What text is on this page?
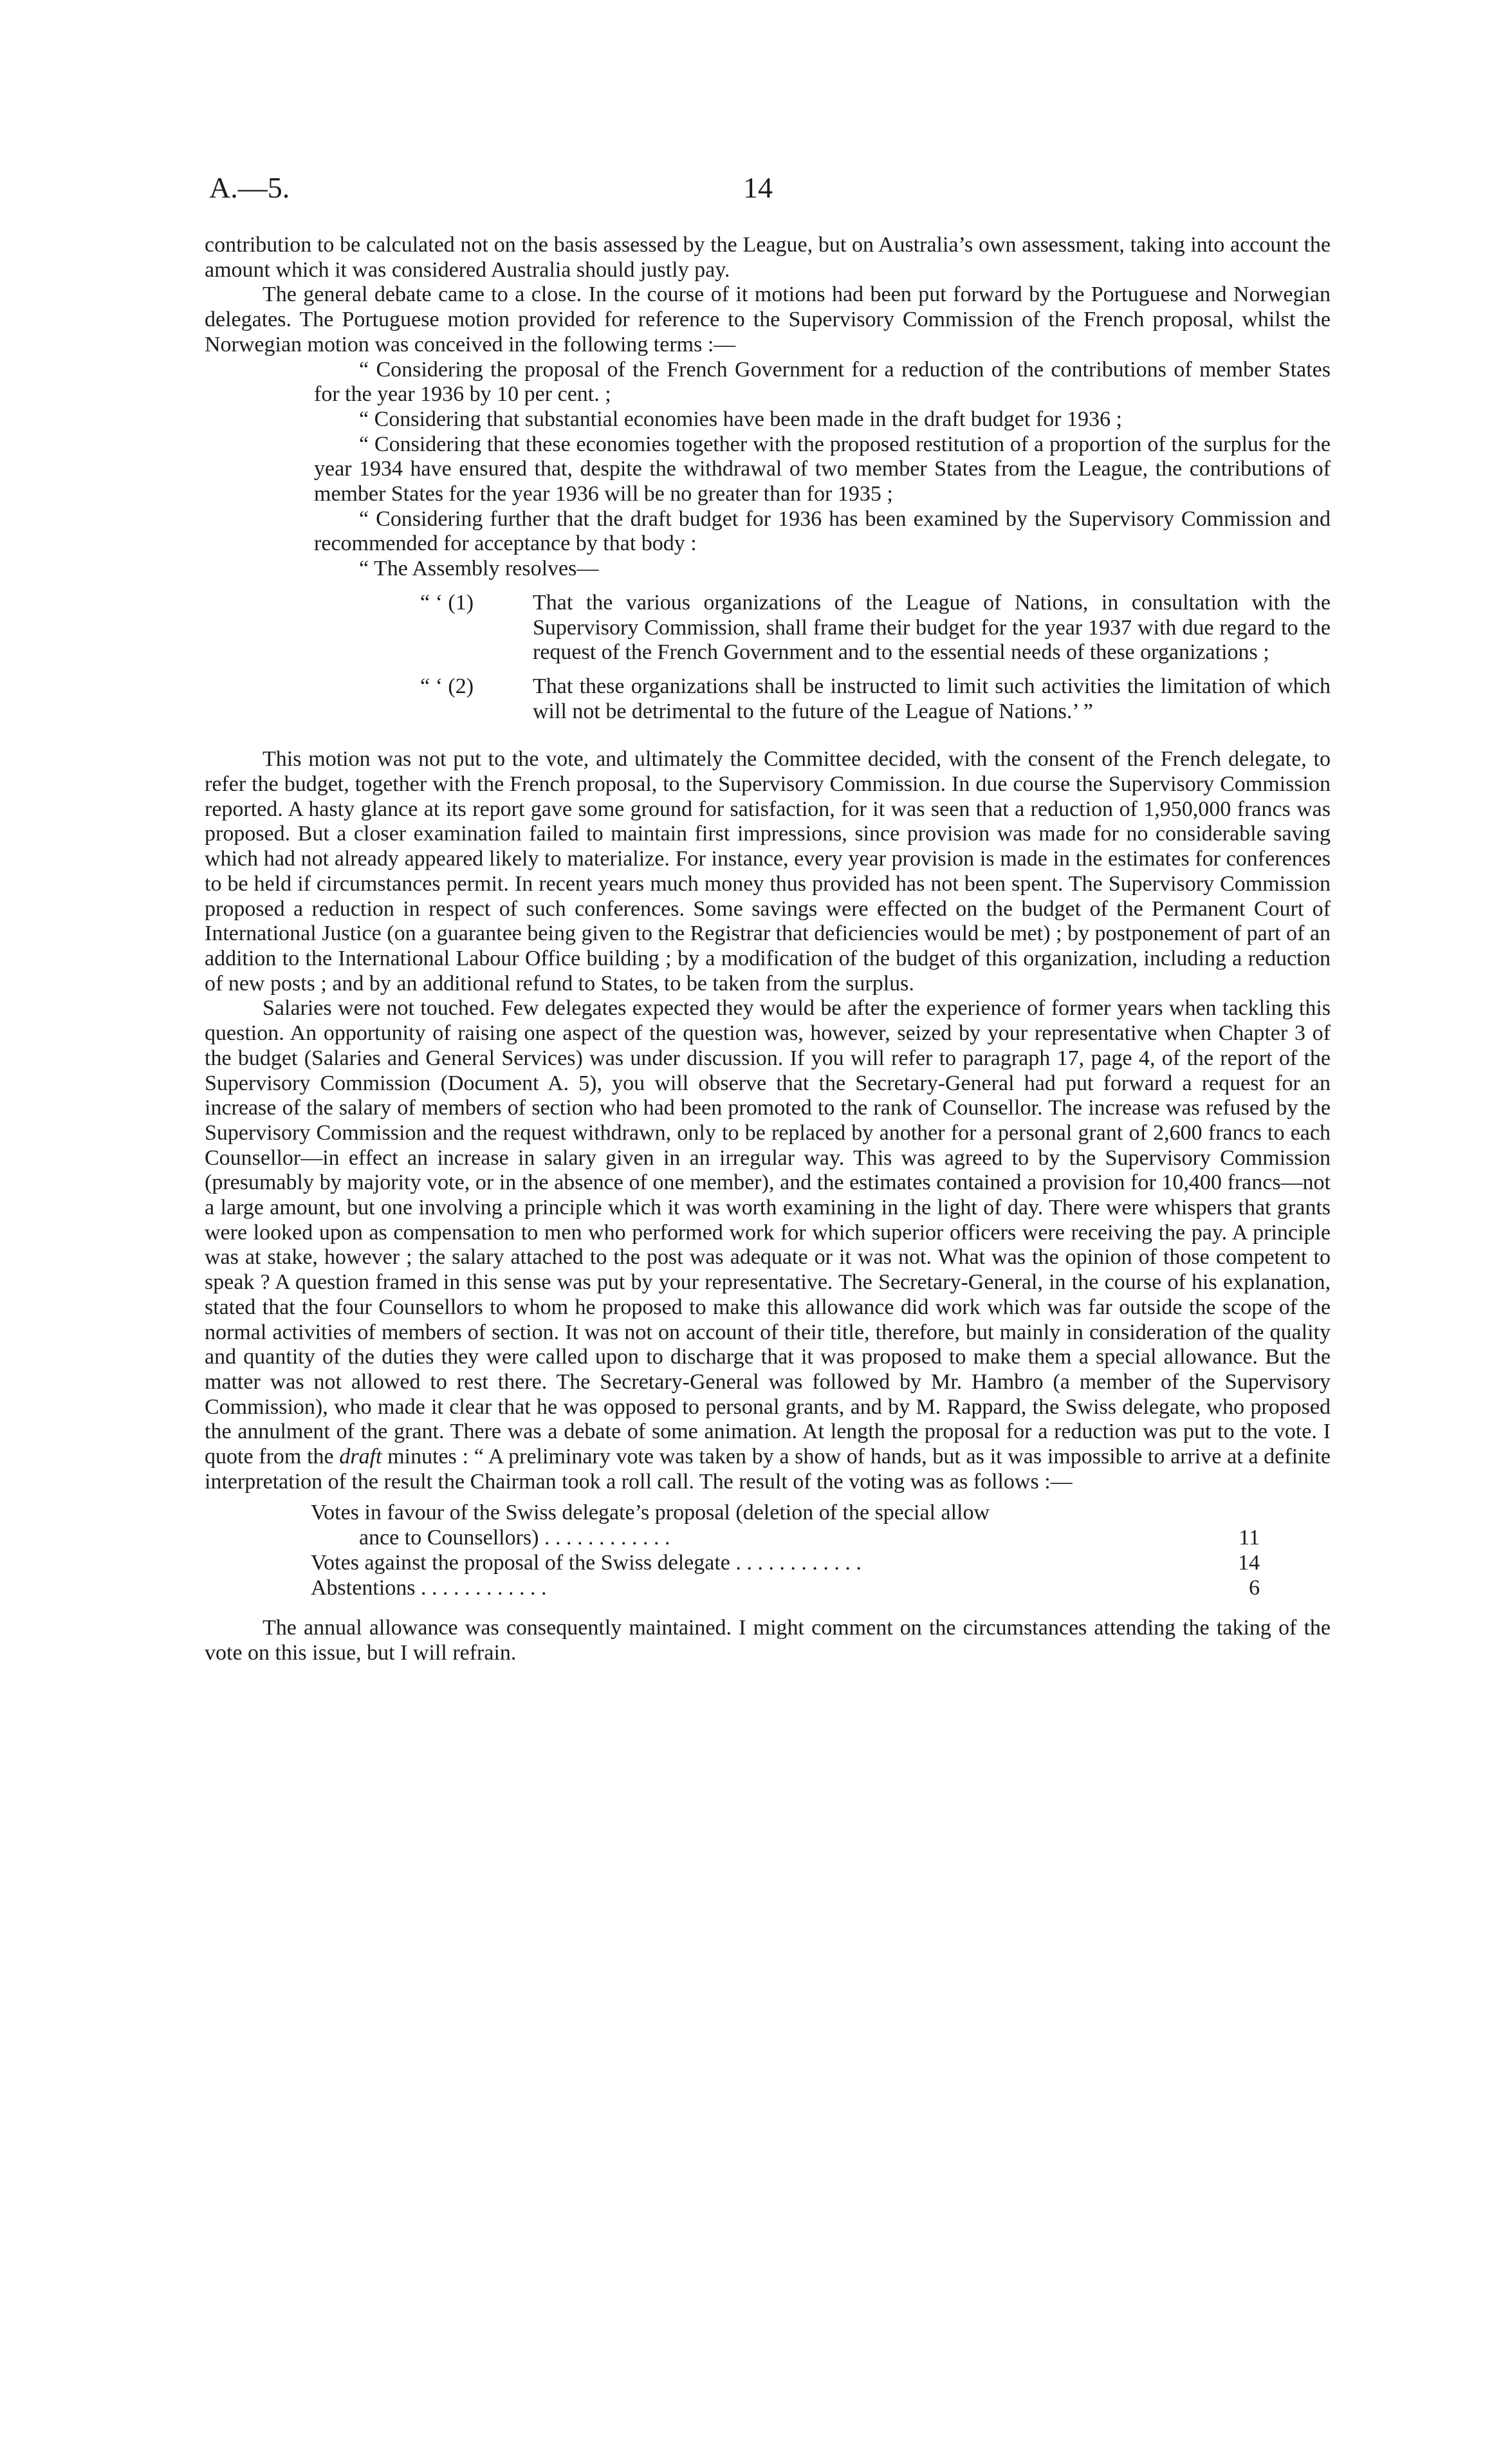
A.—5.	14

contribution to be calculated not on the basis assessed by the League, but on Australia’s own assessment, taking into account the amount which it was considered Australia should justly pay.

The general debate came to a close. In the course of it motions had been put forward by the Portuguese and Norwegian delegates. The Portuguese motion provided for reference to the Supervisory Commission of the French proposal, whilst the Norwegian motion was conceived in the following terms :—

“ Considering the proposal of the French Government for a reduction of the contributions of member States for the year 1936 by 10 per cent. ;

“ Considering that substantial economies have been made in the draft budget for 1936 ;

“ Considering that these economies together with the proposed restitution of a proportion of the surplus for the year 1934 have ensured that, despite the withdrawal of two member States from the League, the contributions of member States for the year 1936 will be no greater than for 1935 ;

“ Considering further that the draft budget for 1936 has been examined by the Supervisory Commission and recommended for acceptance by that body :

“ The Assembly resolves—

“ ‘ (1)	That the various organizations of the League of Nations, in consultation with the Supervisory Commission, shall frame their budget for the year 1937 with due regard to the request of the French Government and to the essential needs of these organizations ;
“ ‘ (2)	That these organizations shall be instructed to limit such activities the limitation of which will not be detrimental to the future of the League of Nations.’ ”

This motion was not put to the vote, and ultimately the Committee decided, with the consent of the French delegate, to refer the budget, together with the French proposal, to the Supervisory Commission. In due course the Supervisory Commission reported. A hasty glance at its report gave some ground for satisfaction, for it was seen that a reduction of 1,950,000 francs was proposed. But a closer examination failed to maintain first impressions, since provision was made for no considerable saving which had not already appeared likely to materialize. For instance, every year provision is made in the estimates for conferences to be held if circumstances permit. In recent years much money thus provided has not been spent. The Supervisory Commission proposed a reduction in respect of such conferences. Some savings were effected on the budget of the Permanent Court of International Justice (on a guarantee being given to the Registrar that deficiencies would be met) ; by postponement of part of an addition to the International Labour Office building ; by a modification of the budget of this organization, including a reduction of new posts ; and by an additional refund to States, to be taken from the surplus.

Salaries were not touched. Few delegates expected they would be after the experience of former years when tackling this question. An opportunity of raising one aspect of the question was, however, seized by your representative when Chapter 3 of the budget (Salaries and General Services) was under discussion. If you will refer to paragraph 17, page 4, of the report of the Supervisory Commission (Document A. 5), you will observe that the Secretary-General had put forward a request for an increase of the salary of members of section who had been promoted to the rank of Counsellor. The increase was refused by the Supervisory Commission and the request withdrawn, only to be replaced by another for a personal grant of 2,600 francs to each Counsellor—in effect an increase in salary given in an irregular way. This was agreed to by the Supervisory Commission (presumably by majority vote, or in the absence of one member), and the estimates contained a provision for 10,400 francs—not a large amount, but one involving a principle which it was worth examining in the light of day. There were whispers that grants were looked upon as compensation to men who performed work for which superior officers were receiving the pay. A principle was at stake, however ; the salary attached to the post was adequate or it was not. What was the opinion of those competent to speak ? A question framed in this sense was put by your representative. The Secretary-General, in the course of his explanation, stated that the four Counsellors to whom he proposed to make this allowance did work which was far outside the scope of the normal activities of members of section. It was not on account of their title, therefore, but mainly in consideration of the quality and quantity of the duties they were called upon to discharge that it was proposed to make them a special allowance. But the matter was not allowed to rest there. The Secretary-General was followed by Mr. Hambro (a member of the Supervisory Commission), who made it clear that he was opposed to personal grants, and by M. Rappard, the Swiss delegate, who proposed the annulment of the grant. There was a debate of some animation. At length the proposal for a reduction was put to the vote. I quote from the draft minutes : “ A preliminary vote was taken by a show of hands, but as it was impossible to arrive at a definite interpretation of the result the Chairman took a roll call. The result of the voting was as follows :—

Votes in favour of the Swiss delegate’s proposal (deletion of the special allow
ance to Counsellors) . . . . . . . . . . . .	11
Votes against the proposal of the Swiss delegate . . . . . . . . . . . .	14
Abstentions . . . . . . . . . . . .	6

The annual allowance was consequently maintained. I might comment on the circumstances attending the taking of the vote on this issue, but I will refrain.
